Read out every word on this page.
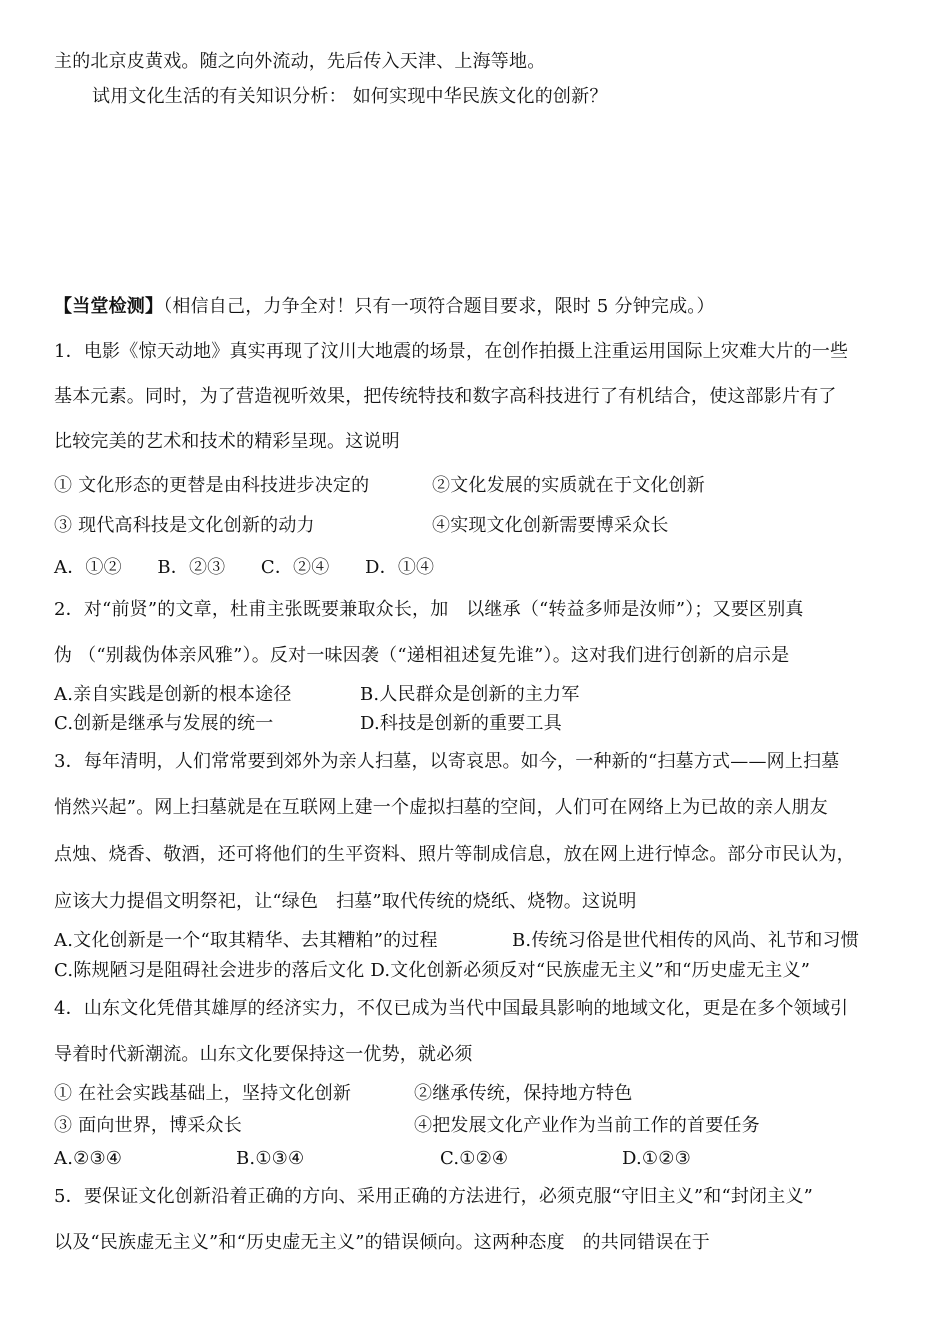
主的北京皮黄戏。随之向外流动，先后传入天津、上海等地。
试用文化生活的有关知识分析： 如何实现中华民族文化的创新？
【当堂检测】（相信自己，力争全对！只有一项符合题目要求，限时 5 分钟完成。）
1．电影《惊天动地》真实再现了汶川大地震的场景，在创作拍摄上注重运用国际上灾难大片的一些
基本元素。同时，为了营造视听效果，把传统特技和数字高科技进行了有机结合，使这部影片有了
比较完美的艺术和技术的精彩呈现。这说明
① 文化形态的更替是由科技进步决定的	②文化发展的实质就在于文化创新
③ 现代高科技是文化创新的动力	④实现文化创新需要博采众长
A．①②      B．②③      C．②④      D．①④
2．对“前贤”的文章，杜甫主张既要兼取众长，加   以继承（“转益多师是汝师”）；又要区别真
伪 （“别裁伪体亲风雅”）。反对一味因袭（“递相祖述复先谁”）。这对我们进行创新的启示是
A.亲自实践是创新的根本途径	B.人民群众是创新的主力军
C.创新是继承与发展的统一	D.科技是创新的重要工具
3．每年清明，人们常常要到郊外为亲人扫墓，以寄哀思。如今，一种新的“扫墓方式——网上扫墓
悄然兴起”。网上扫墓就是在互联网上建一个虚拟扫墓的空间，人们可在网络上为已故的亲人朋友
点烛、烧香、敬酒，还可将他们的生平资料、照片等制成信息，放在网上进行悼念。部分市民认为，
应该大力提倡文明祭祀，让“绿色   扫墓”取代传统的烧纸、烧物。这说明
A.文化创新是一个“取其精华、去其糟粕”的过程	B.传统习俗是世代相传的风尚、礼节和习惯
C.陈规陋习是阻碍社会进步的落后文化 D.文化创新必须反对“民族虚无主义”和“历史虚无主义”
4．山东文化凭借其雄厚的经济实力，不仅已成为当代中国最具影响的地域文化，更是在多个领域引
导着时代新潮流。山东文化要保持这一优势，就必须
① 在社会实践基础上，坚持文化创新	②继承传统，保持地方特色
③ 面向世界，博采众长	④把发展文化产业作为当前工作的首要任务
A.②③④	B.①③④	C.①②④	D.①②③
5．要保证文化创新沿着正确的方向、采用正确的方法进行，必须克服“守旧主义”和“封闭主义”
以及“民族虚无主义”和“历史虚无主义”的错误倾向。这两种态度   的共同错误在于
